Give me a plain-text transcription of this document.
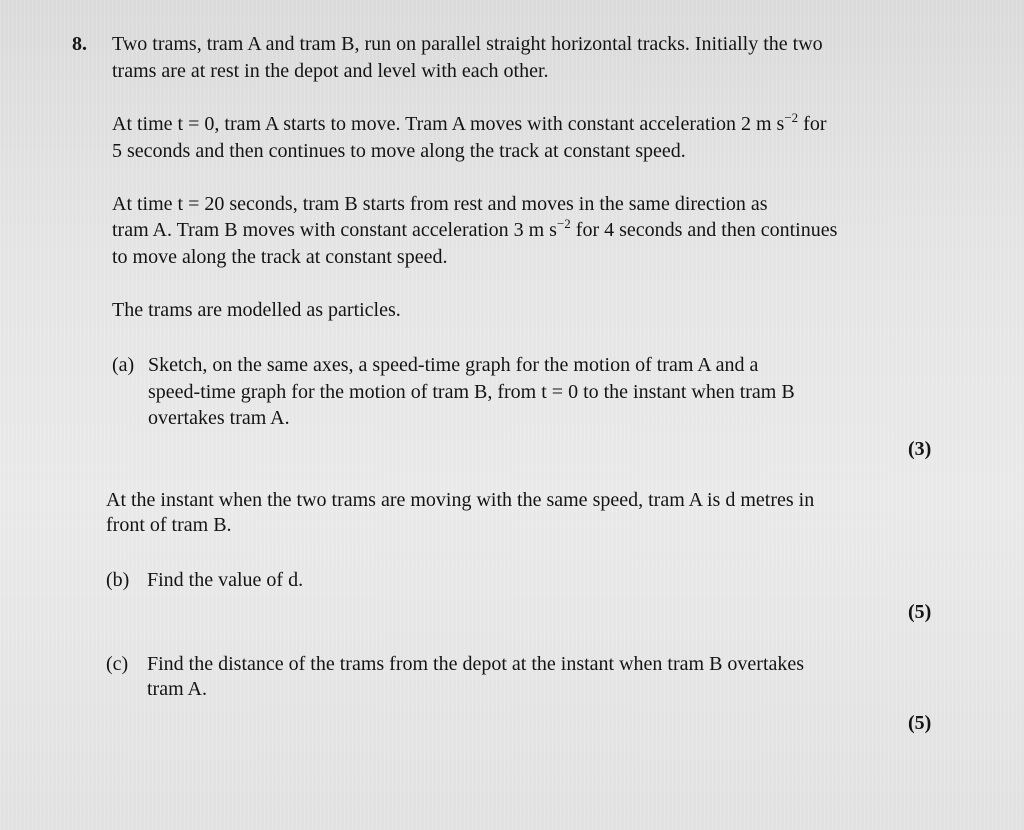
8. Two trams, tram A and tram B, run on parallel straight horizontal tracks. Initially the two
trams are at rest in the depot and level with each other.
At time t = 0, tram A starts to move. Tram A moves with constant acceleration 2 m $s^{-2}$ for
5 seconds and then continues to move along the track at constant speed.
At time t = 20 seconds, tram B starts from rest and moves in the same direction as
tram A. Tram B moves with constant acceleration 3 m $s^{-2}$ for 4 seconds and then continues
to move along the track at constant speed.
The trams are modelled as particles.
(a) Sketch, on the same axes, a speed-time graph for the motion of tram A and a
speed-time graph for the motion of tram B, from t = 0 to the instant when tram B
overtakes tram A.
(3)
At the instant when the two trams are moving with the same speed, tram A is d metres in
front of tram B.
(b) Find the value of d.
(5)
(c) Find the distance of the trams from the depot at the instant when tram B overtakes
tram A.
(5)
